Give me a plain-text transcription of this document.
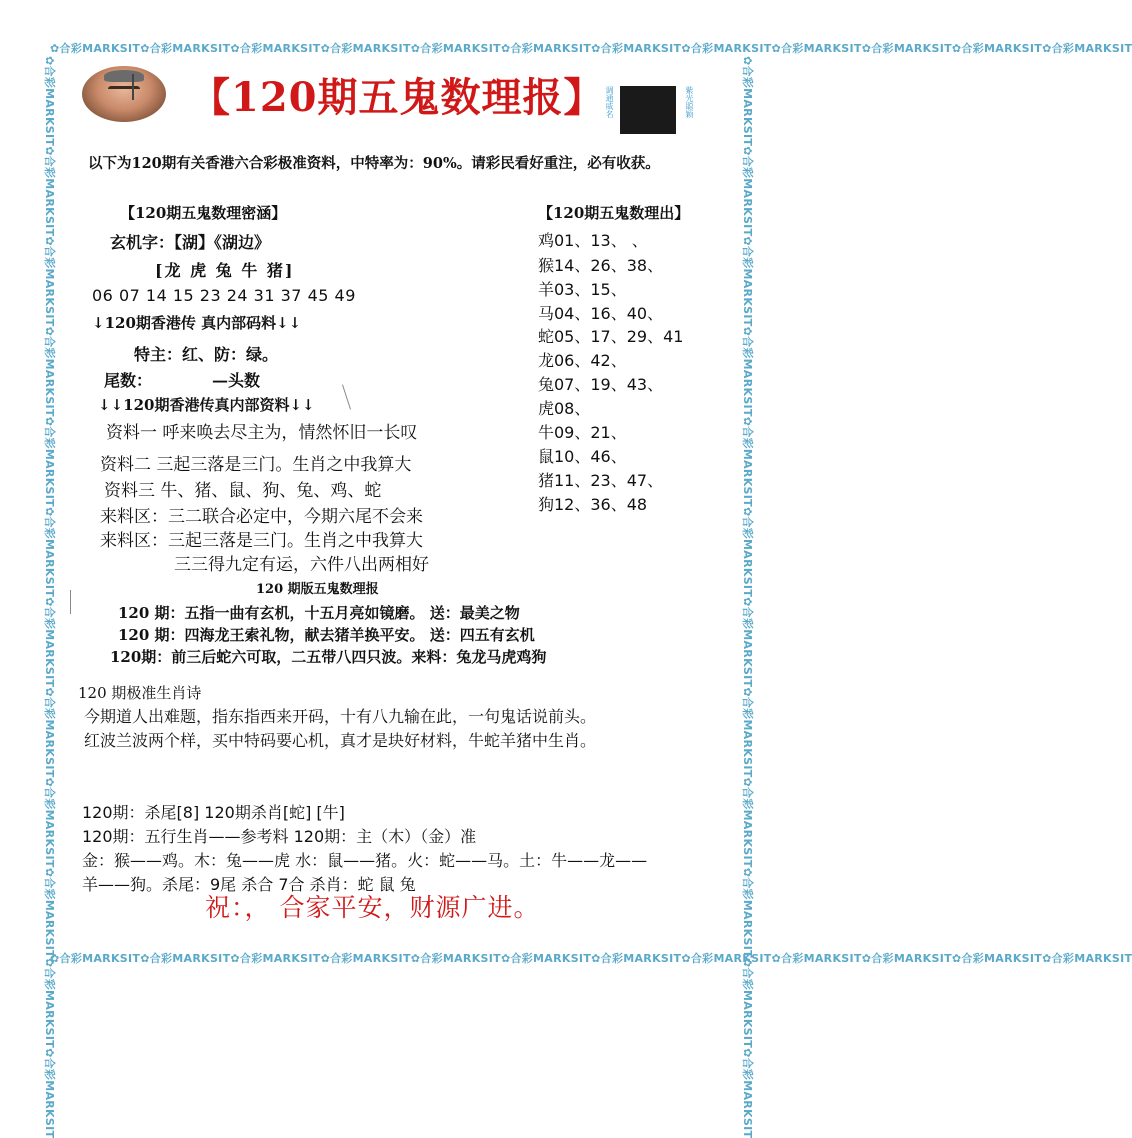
✿合彩MARKSIT✿合彩MARKSIT✿合彩MARKSIT✿合彩MARKSIT✿合彩MARKSIT✿合彩MARKSIT✿合彩MARKSIT✿合彩MARKSIT✿合彩MARKSIT✿合彩MARKSIT✿合彩MARKSIT✿合彩MARKSIT
✿合彩MARKSIT✿合彩MARKSIT✿合彩MARKSIT✿合彩MARKSIT✿合彩MARKSIT✿合彩MARKSIT✿合彩MARKSIT✿合彩MARKSIT✿合彩MARKSIT✿合彩MARKSIT✿合彩MARKSIT✿合彩MARKSIT
✿合彩MARKSIT✿合彩MARKSIT✿合彩MARKSIT✿合彩MARKSIT✿合彩MARKSIT✿合彩MARKSIT✿合彩MARKSIT✿合彩MARKSIT✿合彩MARKSIT✿合彩MARKSIT✿合彩MARKSIT✿合彩MARKSIT	✿合彩MARKSIT✿合彩MARKSIT✿合彩MARKSIT✿合彩MARKSIT✿合彩MARKSIT✿合彩MARKSIT✿合彩MARKSIT✿合彩MARKSIT✿合彩MARKSIT✿合彩MARKSIT✿合彩MARKSIT✿合彩MARKSIT
【120期五鬼数理报】 调通威名	紫光聪颖
以下为120期有关香港六合彩极准资料，中特率为：90%。请彩民看好重注，必有收获。
【120期五鬼数理密涵】
玄机字：【湖】《湖边》
[龙 虎 兔 牛 猪]
06 07 14 15 23 24 31 37 45 49
↓120期香港传 真内部码料↓↓
特主：红、防：绿。
尾数：	—头数
↓↓120期香港传真内部资料↓↓
资料一 呼来唤去尽主为，情然怀旧一长叹
资料二 三起三落是三门。生肖之中我算大
资料三 牛、猪、鼠、狗、兔、鸡、蛇
来料区：三二联合必定中，今期六尾不会来
来料区：三起三落是三门。生肖之中我算大
三三得九定有运，六件八出两相好
【120期五鬼数理出】
鸡01、13、 、
猴14、26、38、
羊03、15、
马04、16、40、
蛇05、17、29、41
龙06、42、
兔07、19、43、
虎08、
牛09、21、
鼠10、46、
猪11、23、47、
狗12、36、48
120 期版五鬼数理报
120 期：五指一曲有玄机，十五月亮如镜磨。 送：最美之物
120 期：四海龙王索礼物，献去猪羊换平安。 送：四五有玄机
120期：前三后蛇六可取，二五带八四只波。来料：兔龙马虎鸡狗
120 期极准生肖诗
今期道人出难题，指东指西来开码，十有八九输在此，一句鬼话说前头。
红波兰波两个样，买中特码要心机，真才是块好材料，牛蛇羊猪中生肖。
120期：杀尾[8] 120期杀肖[蛇] [牛]
120期：五行生肖——参考料 120期：主（木）（金）准
金：猴——鸡。木：兔——虎 水：鼠——猪。火：蛇——马。土：牛——龙——
羊——狗。杀尾：9尾 杀合 7合 杀肖：蛇 鼠 兔
祝：， 合家平安，财源广进。
